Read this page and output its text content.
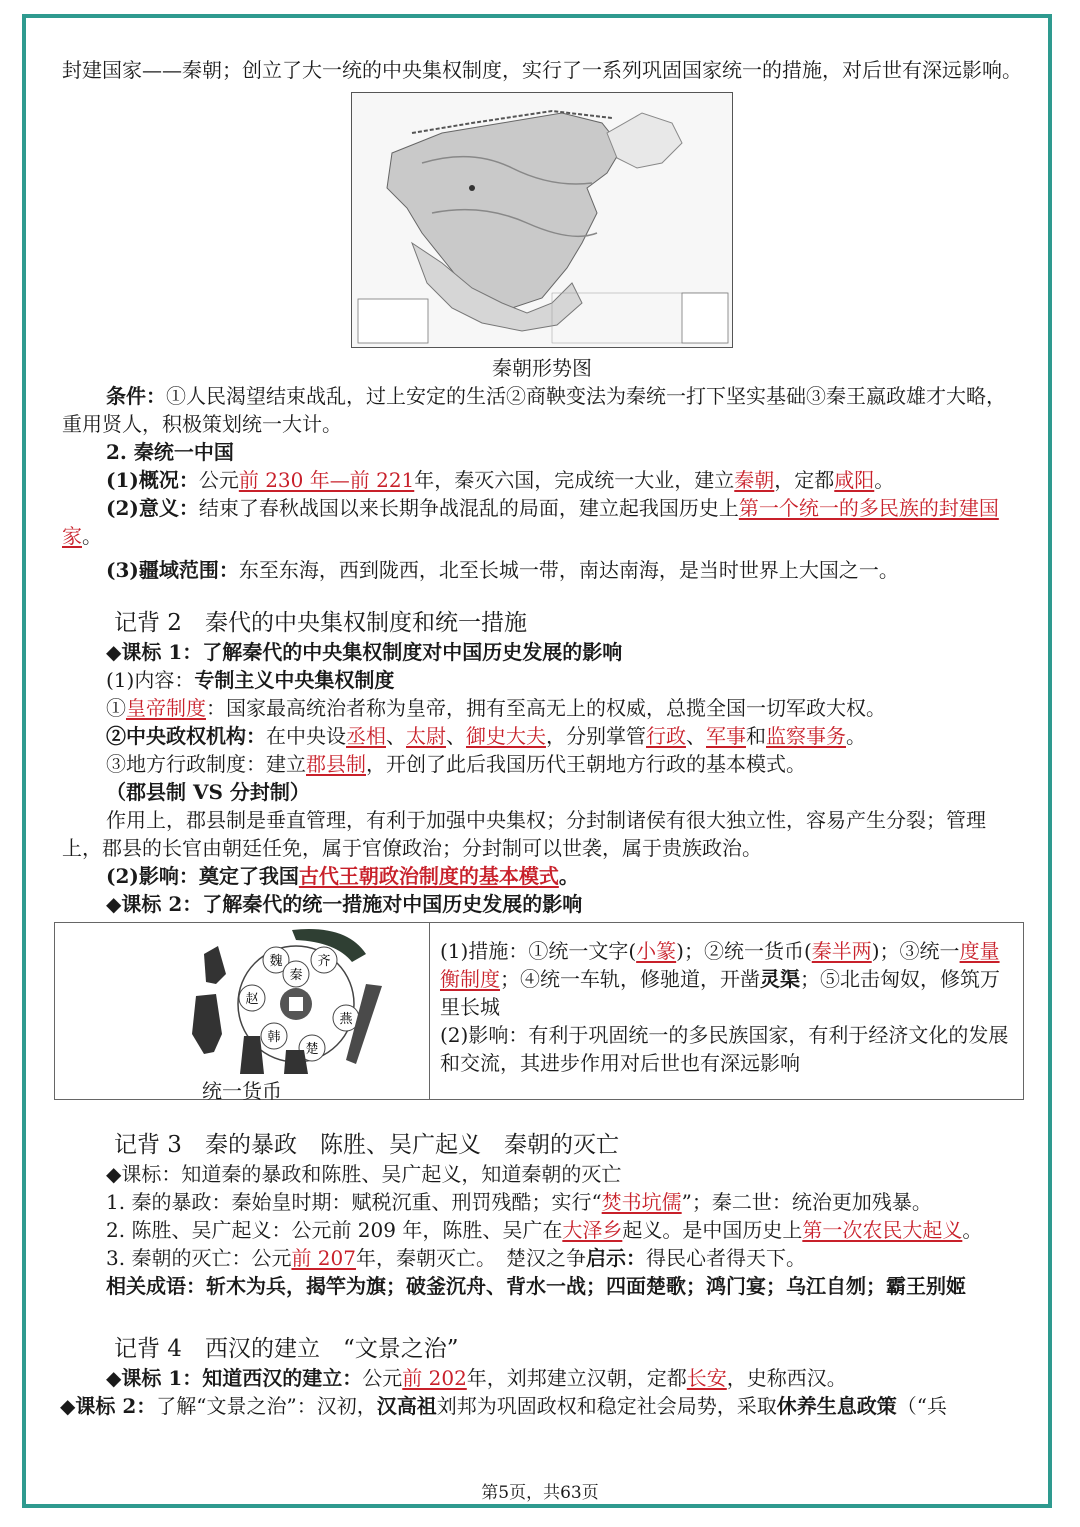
封建国家——秦朝；创立了大一统的中央集权制度，实行了一系列巩固国家统一的措施，对后世有深远影响。

秦朝形势图

条件：①人民渴望结束战乱，过上安定的生活②商鞅变法为秦统一打下坚实基础③秦王嬴政雄才大略，重用贤人，积极策划统一大计。

2. 秦统一中国

(1)概况：公元前 230 年—前 221年，秦灭六国，完成统一大业，建立秦朝，定都咸阳。

(2)意义：结束了春秋战国以来长期争战混乱的局面，建立起我国历史上第一个统一的多民族的封建国家。

(3)疆域范围：东至东海，西到陇西，北至长城一带，南达南海，是当时世界上大国之一。

记背 2　秦代的中央集权制度和统一措施

◆课标 1：了解秦代的中央集权制度对中国历史发展的影响

(1)内容：专制主义中央集权制度

①皇帝制度：国家最高统治者称为皇帝，拥有至高无上的权威，总揽全国一切军政大权。

②中央政权机构：在中央设丞相、太尉、御史大夫，分别掌管行政、军事和监察事务。

③地方行政制度：建立郡县制，开创了此后我国历代王朝地方行政的基本模式。

（郡县制 VS 分封制）

作用上，郡县制是垂直管理，有利于加强中央集权；分封制诸侯有很大独立性，容易产生分裂；管理上，郡县的长官由朝廷任免，属于官僚政治；分封制可以世袭，属于贵族政治。

(2)影响：奠定了我国古代王朝政治制度的基本模式。

◆课标 2：了解秦代的统一措施对中国历史发展的影响

魏	齐
燕
楚
韩
赵
秦
统一货币

(1)措施：①统一文字(小篆)；②统一货币(秦半两)；③统一度量衡制度；④统一车轨，修驰道，开凿灵渠；⑤北击匈奴，修筑万里长城

(2)影响：有利于巩固统一的多民族国家，有利于经济文化的发展和交流，其进步作用对后世也有深远影响

记背 3　秦的暴政　陈胜、吴广起义　秦朝的灭亡

◆课标：知道秦的暴政和陈胜、吴广起义，知道秦朝的灭亡

1. 秦的暴政：秦始皇时期：赋税沉重、刑罚残酷；实行“焚书坑儒”；秦二世：统治更加残暴。

2. 陈胜、吴广起义：公元前 209 年，陈胜、吴广在大泽乡起义。是中国历史上第一次农民大起义。

3. 秦朝的灭亡：公元前 207年，秦朝灭亡。　楚汉之争启示：得民心者得天下。

相关成语：斩木为兵，揭竿为旗；破釜沉舟、背水一战；四面楚歌；鸿门宴；乌江自刎；霸王别姬

记背 4　西汉的建立　“文景之治”

◆课标 1：知道西汉的建立：公元前 202年，刘邦建立汉朝，定都长安，史称西汉。

◆课标 2：了解“文景之治”：汉初，汉高祖刘邦为巩固政权和稳定社会局势，采取休养生息政策（“兵

第5页，共63页
